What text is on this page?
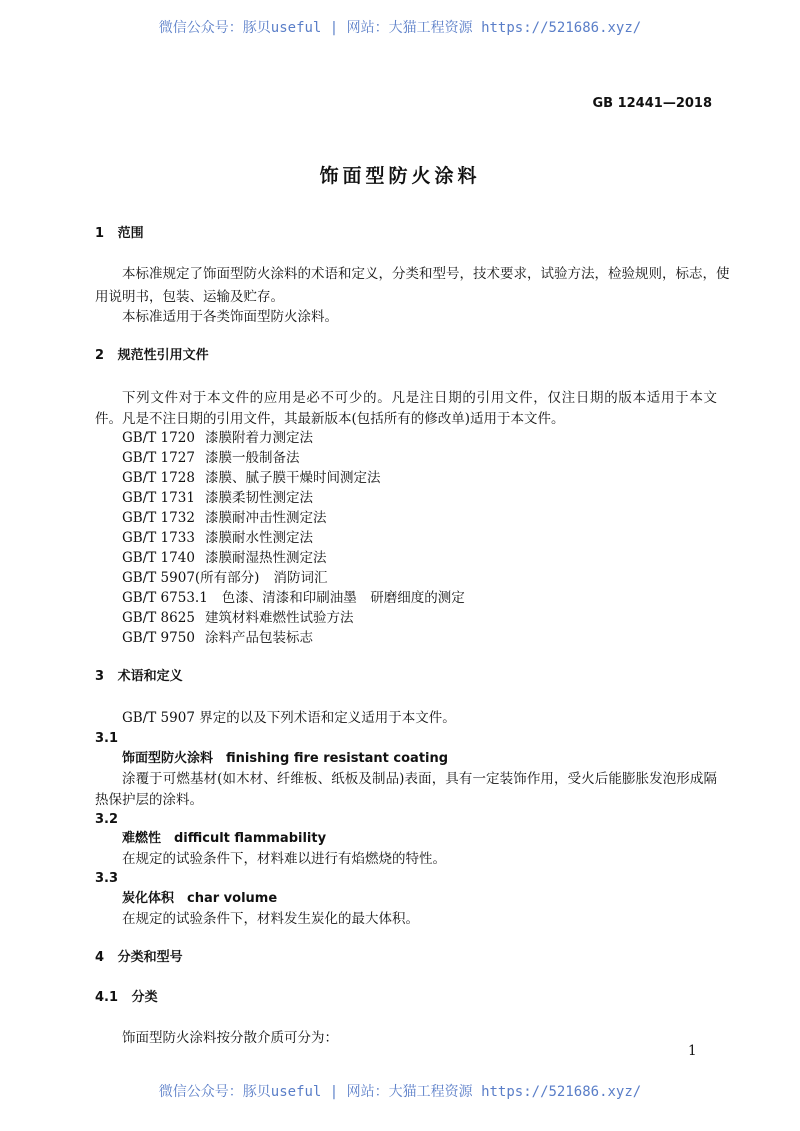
微信公众号：豚贝useful | 网站：大猫工程资源 https://521686.xyz/
GB 12441—2018
饰面型防火涂料
1 范围
本标准规定了饰面型防火涂料的术语和定义，分类和型号，技术要求，试验方法，检验规则，标志，使
用说明书，包装、运输及贮存。
本标准适用于各类饰面型防火涂料。
2 规范性引用文件
下列文件对于本文件的应用是必不可少的。凡是注日期的引用文件，仅注日期的版本适用于本文
件。凡是不注日期的引用文件，其最新版本(包括所有的修改单)适用于本文件。
GB/T 1720 漆膜附着力测定法
GB/T 1727 漆膜一般制备法
GB/T 1728 漆膜、腻子膜干燥时间测定法
GB/T 1731 漆膜柔韧性测定法
GB/T 1732 漆膜耐冲击性测定法
GB/T 1733 漆膜耐水性测定法
GB/T 1740 漆膜耐湿热性测定法
GB/T 5907(所有部分) 消防词汇
GB/T 6753.1 色漆、清漆和印刷油墨　研磨细度的测定
GB/T 8625 建筑材料难燃性试验方法
GB/T 9750 涂料产品包装标志
3 术语和定义
GB/T 5907 界定的以及下列术语和定义适用于本文件。
3.1
饰面型防火涂料　finishing fire resistant coating
涂覆于可燃基材(如木材、纤维板、纸板及制品)表面，具有一定装饰作用，受火后能膨胀发泡形成隔
热保护层的涂料。
3.2
难燃性　difficult flammability
在规定的试验条件下，材料难以进行有焰燃烧的特性。
3.3
炭化体积　char volume
在规定的试验条件下，材料发生炭化的最大体积。
4 分类和型号
4.1 分类
饰面型防火涂料按分散介质可分为：
1
微信公众号：豚贝useful | 网站：大猫工程资源 https://521686.xyz/
